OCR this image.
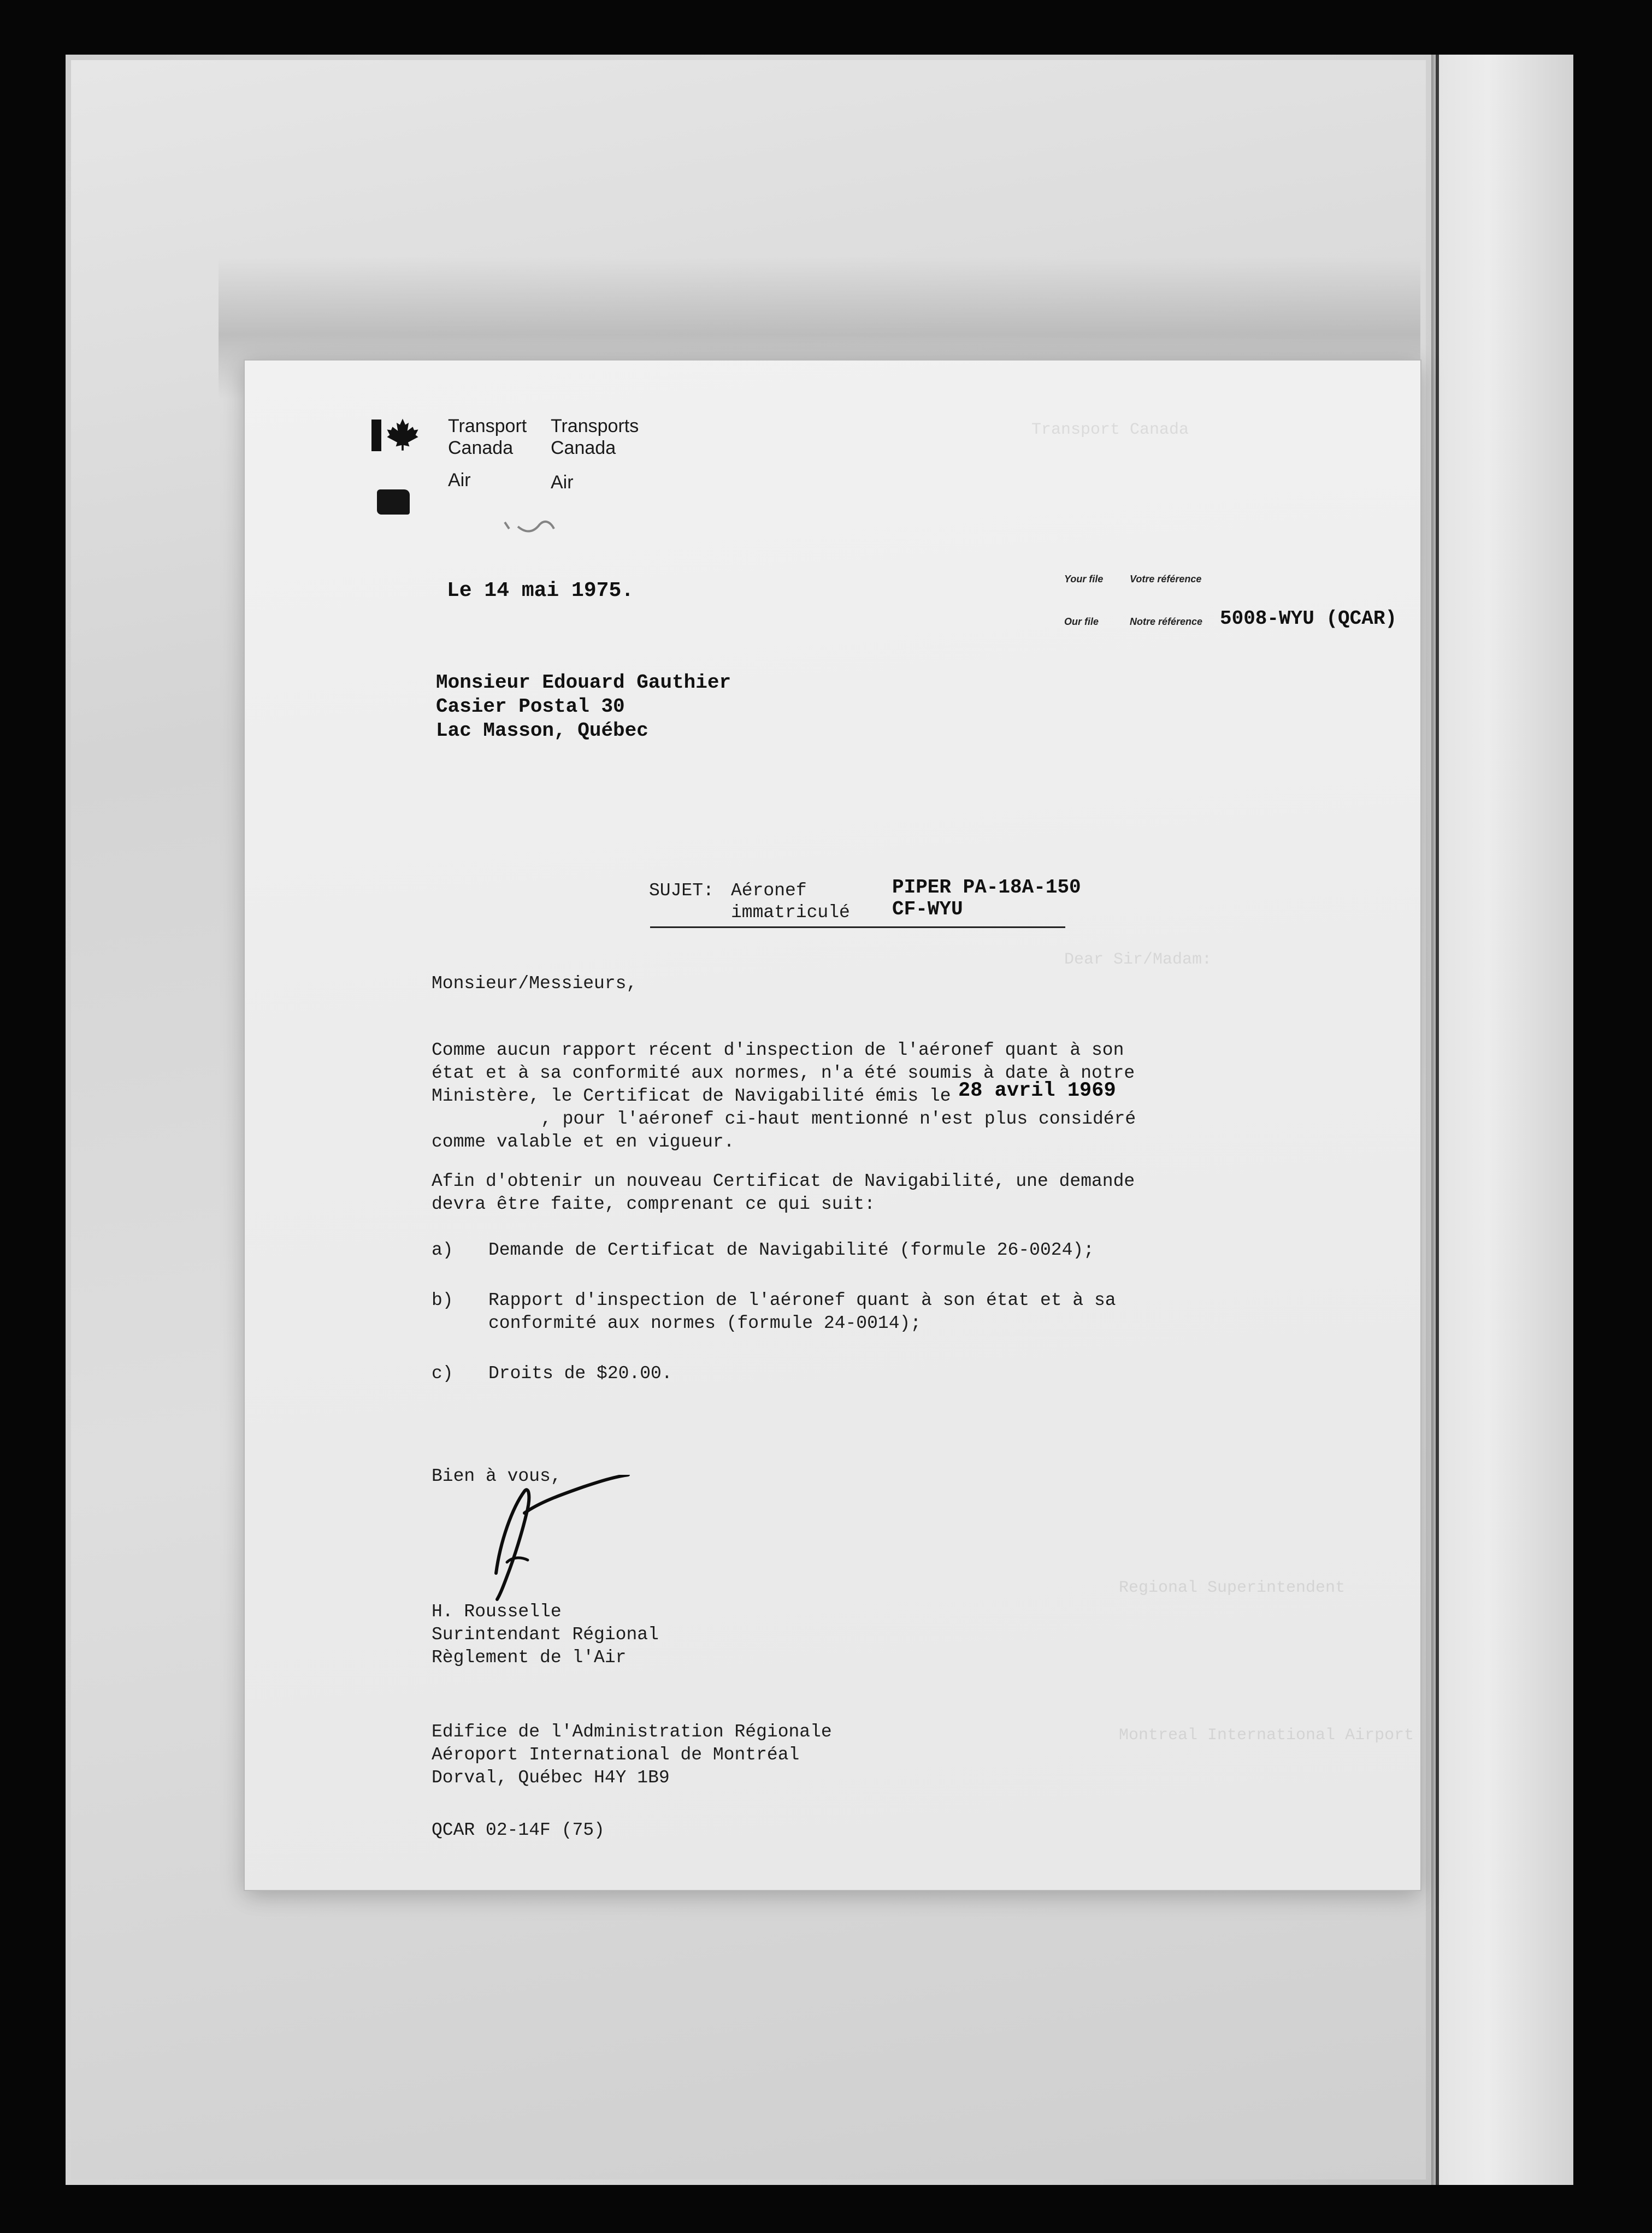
Transport
Canada
Transports
Canada
Air	Air
Transport Canada
Dear Sir/Madam:
Regional Superintendent
Montreal International Airport
Your file	Votre référence
Our file	Notre référence 5008-WYU (QCAR)
Le 14 mai 1975.
Monsieur Edouard Gauthier
Casier Postal 30
Lac Masson, Québec
SUJET: Aéronef
immatriculé
PIPER PA-18A-150
CF-WYU
Monsieur/Messieurs,
Comme aucun rapport récent d'inspection de l'aéronef quant à son
état et à sa conformité aux normes, n'a été soumis à date à notre
Ministère, le Certificat de Navigabilité émis le 28 avril 1969
, pour l'aéronef ci-haut mentionné n'est plus considéré
comme valable et en vigueur.
Afin d'obtenir un nouveau Certificat de Navigabilité, une demande
devra être faite, comprenant ce qui suit:
a) Demande de Certificat de Navigabilité (formule 26-0024);
b) Rapport d'inspection de l'aéronef quant à son état et à sa
conformité aux normes (formule 24-0014);
c) Droits de $20.00.
Bien à vous,
H. Rousselle
Surintendant Régional
Règlement de l'Air
Edifice de l'Administration Régionale
Aéroport International de Montréal
Dorval, Québec H4Y 1B9
QCAR 02-14F (75)
